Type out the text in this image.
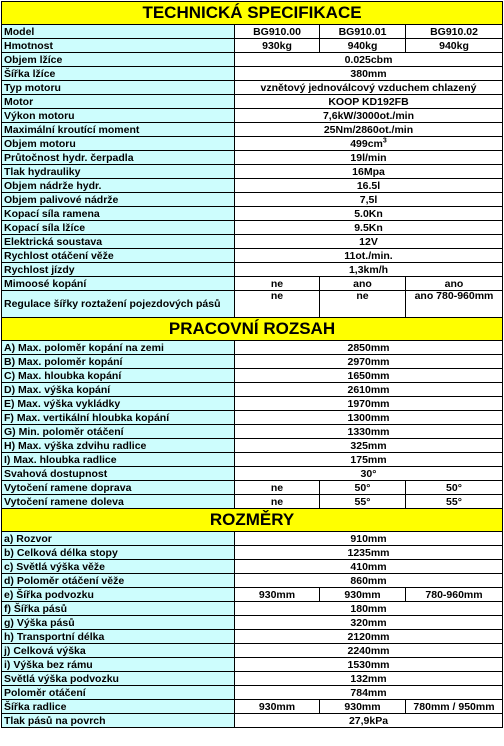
TECHNICKÁ SPECIFIKACE			
Model	BG910.00	BG910.01	BG910.02
Hmotnost	930kg	940kg	940kg
Objem lžíce	0.025cbm		
Šířka lžíce	380mm		
Typ motoru	vznětový jednoválcový vzduchem chlazený		
Motor	KOOP KD192FB		
Výkon motoru	7,6kW/3000ot./min		
Maximální kroutící moment	25Nm/2860ot./min		
Objem motoru	$499cm^3$
Průtočnost hydr. čerpadla	19l/min		
Tlak hydrauliky	16Mpa		
Objem nádrže hydr.	16.5l		
Objem palivové nádrže	7,5l		
Kopací síla ramena	5.0Kn		
Kopací síla lžíce	9.5Kn		
Elektrická soustava	12V		
Rychlost otáčení věže	11ot./min.		
Rychlost jízdy	1,3km/h		
Mimoosé kopání	ne	ano	ano
Regulace šířky roztažení pojezdových pásů	ne	ne	ano 780-960mm
PRACOVNÍ ROZSAH			
A) Max. poloměr kopání na zemi	2850mm		
B) Max. poloměr kopání	2970mm		
C) Max. hloubka kopání	1650mm		
D) Max. výška kopání	2610mm		
E) Max. výška vykládky	1970mm		
F) Max. vertikální hloubka kopání	1300mm		
G) Min. poloměr otáčení	1330mm		
H) Max. výška zdvihu radlice	325mm		
I) Max. hloubka radlice	175mm		
Svahová dostupnost	30°		
Vytočení ramene doprava	ne	50°	50°
Vytočení ramene doleva	ne	55°	55°
ROZMĚRY			
a) Rozvor	910mm		
b) Celková délka stopy	1235mm		
c) Světlá výška věže	410mm		
d) Poloměr otáčení věže	860mm		
e) Šířka podvozku	930mm	930mm	780-960mm
f) Šířka pásů	180mm		
g) Výška pásů	320mm		
h) Transportní délka	2120mm		
j) Celková výška	2240mm		
i) Výška bez rámu	1530mm		
Světlá výška podvozku	132mm		
Poloměr otáčení	784mm		
Šířka radlice	930mm	930mm	780mm / 950mm
Tlak pásů na povrch	27,9kPa		
